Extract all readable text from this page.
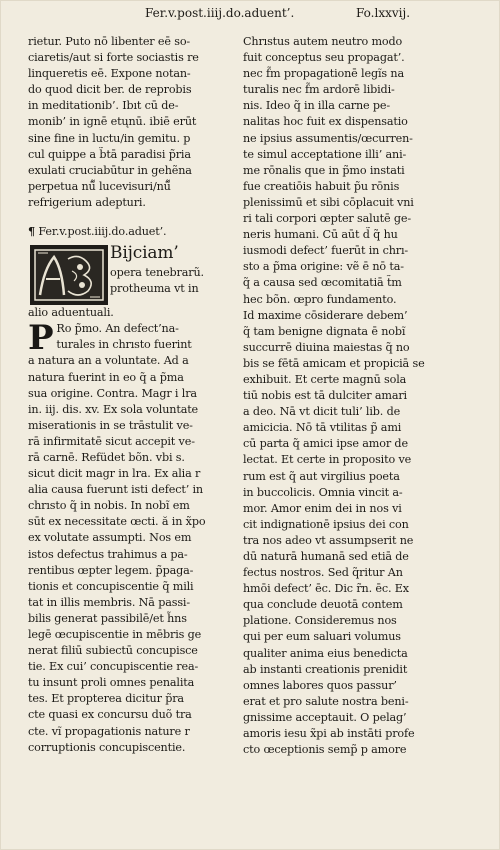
Fer.v.post.iiij.do.aduent’.	Fo.lxxvij.
rietur. Puto nō libenter eē so‑
ciaretis/aut si forte sociastis re
linqueretis eē. Expone notan‑
do quod dicit ber. de reprobis
in meditationib’. Ibıt cū de‑
monib’ in ignē etųnū. ibiē erūt
sine fine in luctu/in gemitu. p
cul quippe a b̃tā paradisi p̃ria
exulati cruciabūtur in gehẽna
perpetua nū̃̃ lucevisuri/nū̃̃
refrigerium adepturi.
¶ Fer.v.post.iiij.do.aduet’.
Bijciam’
opera tenebrarũ.
protheuma vt in
alio aduentuali.
P Ro p̃mo. An defect’na‑
turales in chrısto fuerint
a natura an a voluntate. Ad a
natura fuerint in eo q̃ a p̃ma
sua origine. Contra. Magr i lra
in. iij. dis. xv. Ex sola voluntate
miserationis in se trāstulit ve‑
rā infirmitatē sicut accepit ve‑
rā carnē. Refüdet bõn. vbi s.
sicut dicit magr in lra. Ex alia r
alia causa fuerunt isti defect’ in
chrısto q̃ in nobis. In nobĩ em
sūt ex necessitate œcti. ă in x̃po
ex volutate assumpti. Nos em
istos defectus trahimus a pa‑
rentibus œpter legem. p̃paga‑
tionis et concupiscentie q̃ mili
tat in illis membris. Nā passi‑
bilis generat passibilē/et h̃ns
legē œcupiscentie in mēbris ge
nerat filiū subiectū concupisce
tie. Ex cui’ concupiscentie rea‑
tu insunt proli omnes penalita
tes. Et propterea dicitur p̃ra
cte quasi ex concursu duõ tra
cte. vĩ propagationis nature r
corruptionis concupiscentie.
Chrıstus autem neutro modo
fuit conceptus seu propagat’.
nec f̃m propagationē legĩs na
turalis nec f̃m ardorē libidi‑
nis. Ideo q̃ in illa carne pe‑
nalitas hoc fuit ex dispensatio
ne ipsius assumentis/œcurren‑
te simul acceptatione illi’ ani‑
me rōnalis que in p̃mo instati
fue creatiōis habuit p̃u rōnis
plenissimū et sibi cōplacuit vni
ri tali corpori œpter salutē ge‑
neris humani. Cū aūt d̃ q̃ hu
iusmodi defect’ fuerūt in chrı‑
sto a p̃ma origine: vẽ ē nō ta‑
̃q̃ a causa sed œcomitatiā t̃m
hec bõn. œpro fundamento.
Id maxime cōsiderare debem’
q̃ tam benigne dignata ē nobĩ
succurrē diuina maiestas q̃ no
bis se fētā amicam et propiciā se
exhibuit. Et certe magnū sola
tiū nobis est tā dulciter amari
a deo. Nā vt dicit tuli’ lib. de
amicicia. Nō tā vtilitas p̃ ami
cū parta q̃ amici ipse amor de
lectat. Et certe in proposito ve
rum est q̃ aut virgilius poeta
in buccolicis. Omnia vincit a‑
mor. Amor enim dei in nos vi
cit indignationē ipsius dei con
tra nos adeo vt assumpserit ne
dū naturā humanā sed etiā de
fectus nostros. Sed q̃ritur An
hmōi defect’ ēc. Dic r̃n. ēc. Ex
qua conclude deuotā contem
platione. Consideremus nos
qui per eum saluari volumus
qualiter anima eius benedicta
ab instanti creationis prenidit
omnes labores quos passur’
erat et pro salute nostra beni‑
gnissime acceptauit. O pelag’
amoris iesu x̃pi ab instāti profe
cto œceptionis semp̃ p amore
